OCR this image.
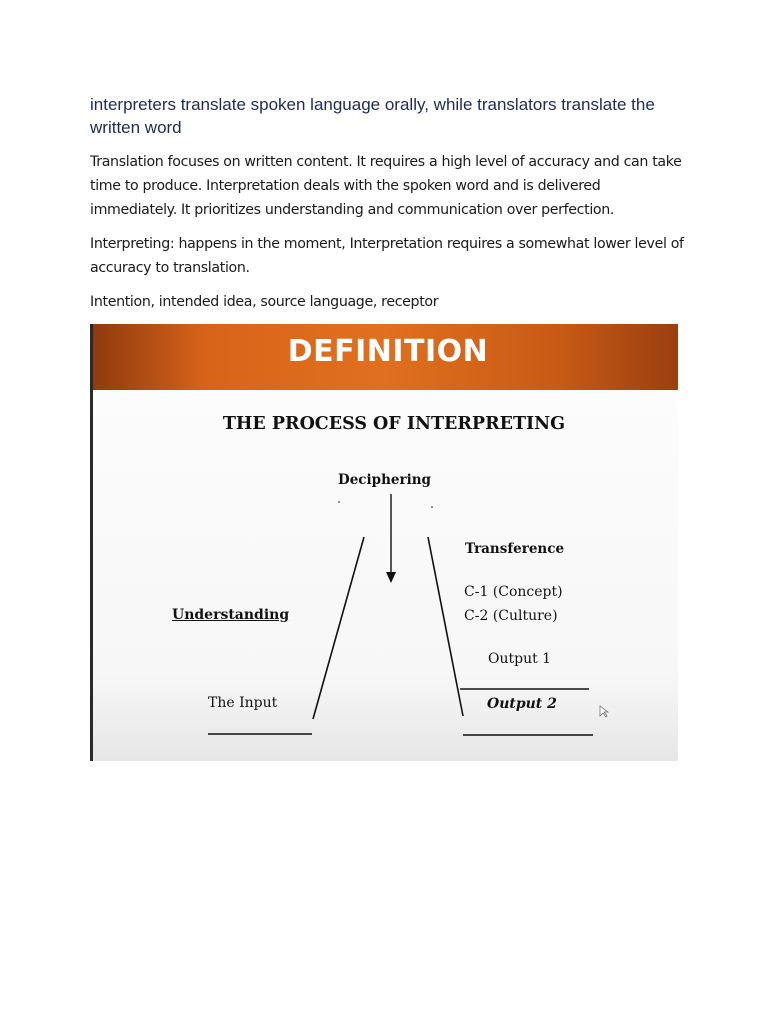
interpreters translate spoken language orally, while translators translate the written word

Translation focuses on written content. It requires a high level of accuracy and can take time to produce. Interpretation deals with the spoken word and is delivered immediately. It prioritizes understanding and communication over perfection.

Interpreting: happens in the moment, Interpretation requires a somewhat lower level of accuracy to translation.

Intention, intended idea, source language, receptor

DEFINITION
THE PROCESS OF INTERPRETING
Deciphering
Transference
C-1 (Concept)
C-2 (Culture)
Understanding
Output 1
The Input	Output 2
